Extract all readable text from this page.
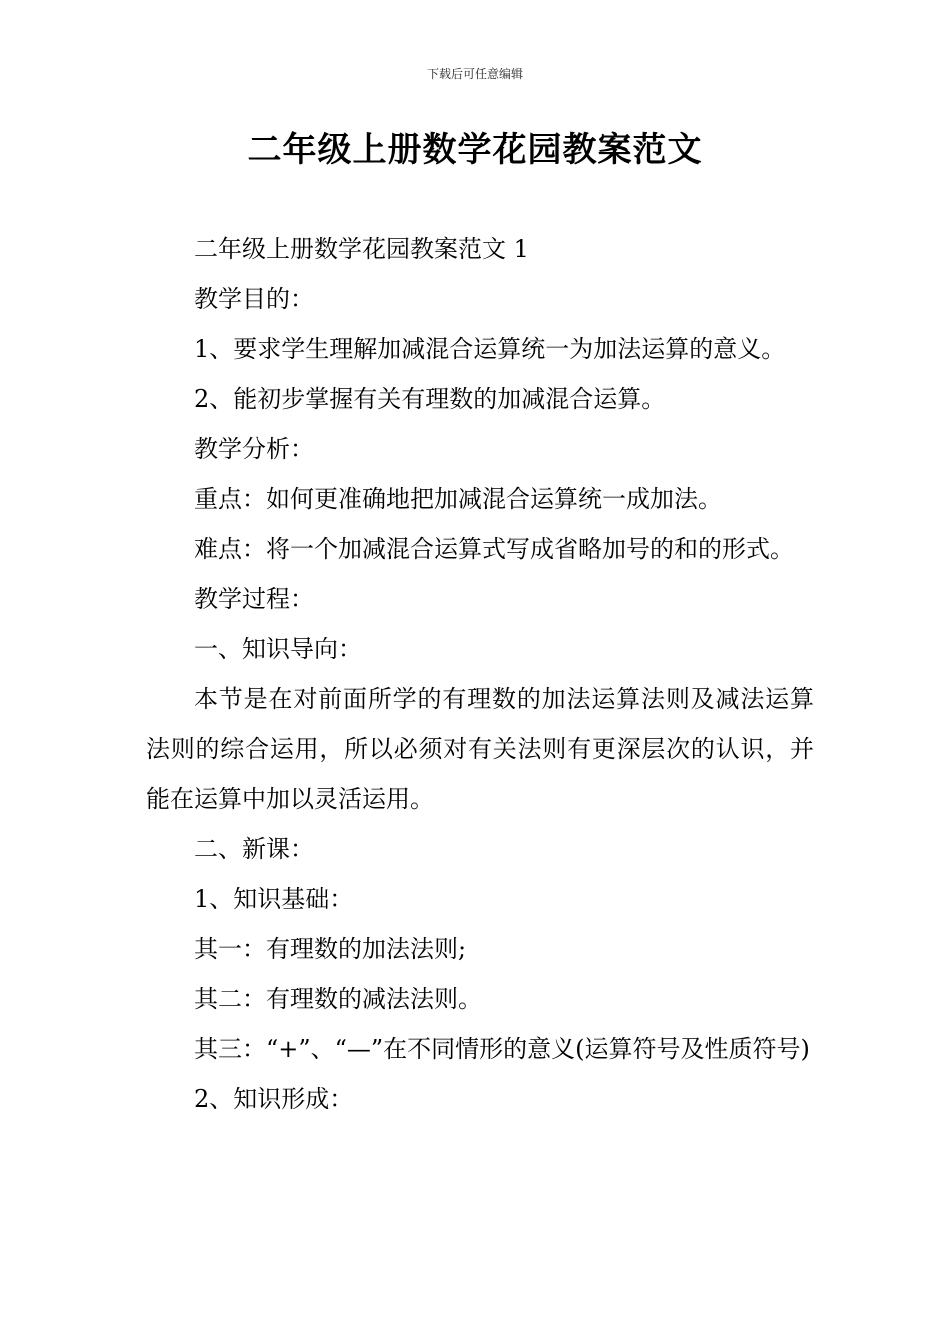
下载后可任意编辑
二年级上册数学花园教案范文

二年级上册数学花园教案范文 1

教学目的：

1、要求学生理解加减混合运算统一为加法运算的意义。

2、能初步掌握有关有理数的加减混合运算。

教学分析：

重点：如何更准确地把加减混合运算统一成加法。

难点：将一个加减混合运算式写成省略加号的和的形式。

教学过程：

一、知识导向：

本节是在对前面所学的有理数的加法运算法则及减法运算法则的综合运用，所以必须对有关法则有更深层次的认识，并能在运算中加以灵活运用。

二、新课：

1、知识基础：

其一：有理数的加法法则;

其二：有理数的减法法则。

其三：“+”、“—”在不同情形的意义(运算符号及性质符号)

2、知识形成：
